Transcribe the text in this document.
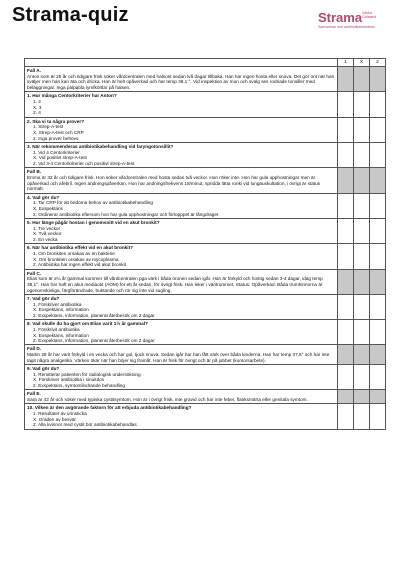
Strama-quiz	Strama Västra Götaland
Samverkan mot antibiotikaresistens
	1	X	2

Fall A.
Anton som är 25 år och tidigare frisk söker vårdcentralen med halsont sedan två dagar tillbaka. Han har ingen hosta eller snuva. Det gör ont när han sväljer men han kan äta och dricka. Han är helt opåverkad och har temp 38,1 °. Vid inspektion av mun och svalg ses rodnade tonsiller med beläggningar. Inga palpabla lymfkörtlar på halsen.			

1. Hur många Centorkriterier har Anton?
1. 2
X. 3
2. 4			

2. Ska vi ta några prover?
1. Strep-A-test
X. Strep-A-test och CRP
2. Inga prover behövs			

3. När rekommenderas antibiotikabehandling vid faryngotonsillit?
1. Vid 4 Centorkriterier
X. Vid positivt strep-A-test
2. Vid 3-4 Centorkriterier och positivt strep-A-test			

Fall B.
Emma är 32 år och tidigare frisk. Hon söker vårdcentralen med hosta sedan två veckor. Hon röker inte. Hon har gula upphostningar men är opåverkad och afebril. Ingen andningspåverkan. Hon har andningsfrekvens 18/minut, spridda lätta ronki vid lungauskultation, i övrigt är status normalt.			

4. Vad gör du?
1. Tar CRP för att bedöma behov av antibiotikabehandling
X. Exspektans
2. Ordinerar antibiotika eftersom hon har gula upphostningar och förlopppet är långdraget			

5. Hur länge pågår hostan i genomsnitt vid en akut bronkit?
1. Tre veckor
X. Två veckor
2. En vecka			

6. När har antibiotika effekt vid en akut bronkit?
1. Om bronkiten orsakas av en bakterie
X. Om bronkiten orsakas av mycoplasma
2. Antibiotika har ingen effekt vid akut bronkit			

Fall C.
Elias som är 2¼ år gammal kommer till vårdcentralen pga värk i båda öronen sedan igår. Han är förkyld och hostig sedan 3-4 dagar, idag temp 38,1°. Han har haft en akut mediaotit (AOM) för ett år sedan, för övrigt frisk. Han leker i väntrummet. Status: Opåverkad. Båda trumhinnorna är ogenomskinliga, färgförändrade, buktande och rör sig inte vid sugling.			

7. Vad gör du?
1. Förskriver antibiotika
X. Exspektans, information
2. Exspektans, information, planerat återbesök om 2 dagar			

8. Vad skulle du ha gjort om Elias varit 1½ år gammal?
1. Förskrivit antibiotika
X. Exspektans, information
2. Exspektans, information, planerat återbesök om 2 dagar			

Fall D.
Martin 29 år har varit förkyld i en vecka och har gul, tjock snuva. Sedan igår har han fått värk över båda kinderna. Han har temp 37,5° och har inte tagit några analgetika. Värken ökar när han böjer sig framåt. Han är frisk för övrigt och är på jobbet (kontorsarbete).			

9. Vad gör du?
1. Remitterar patienten för radiologisk undersökning
X. Förskriver antibiotika i sinuitdos
2. Exspektans, symtomlindrande behandling			

Fall E.
Sara är 42 år och söker med typiska cystitsymtom. Hon är i övrigt frisk, inte gravid och har inte feber, flanksmärta eller genitala symtom.			

10. Vilken är den avgörande faktorn för att erbjuda antibiotikabehandling?
1. Resultatet av urinsticka
X. Graden av besvär
2. Alla kvinnor med cystit bör antibiotikabehandlas			
